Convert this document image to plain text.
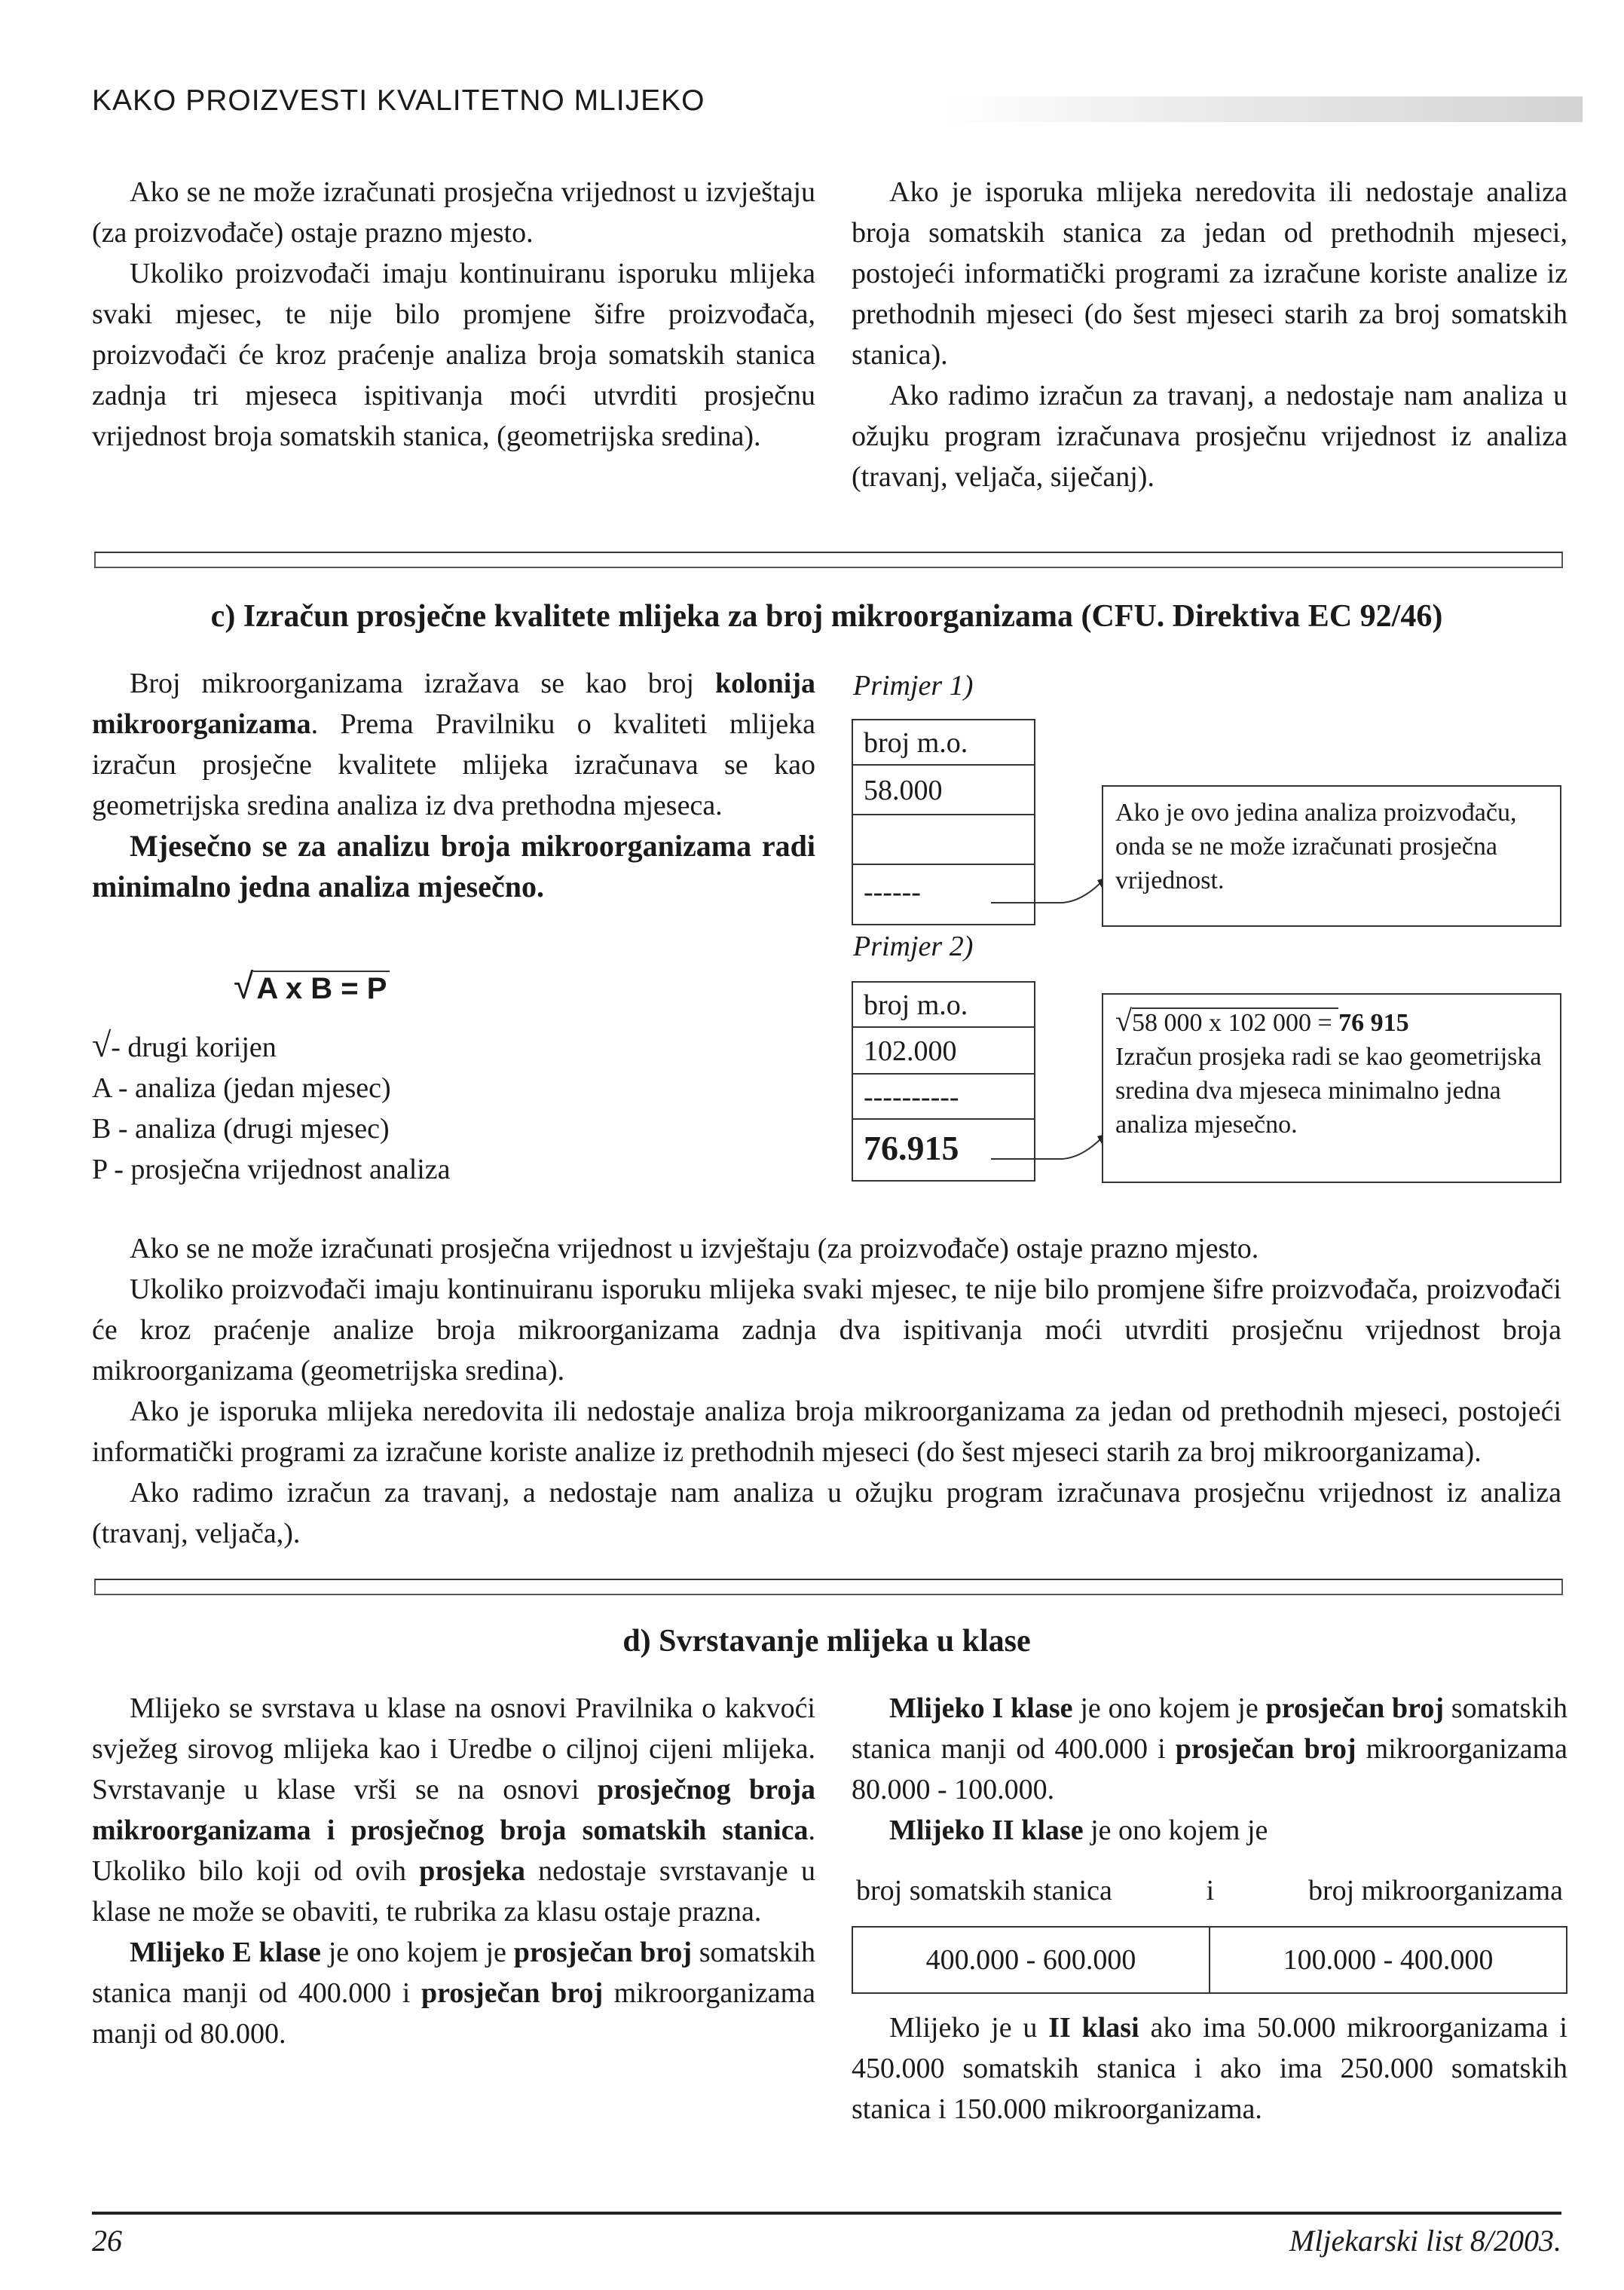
KAKO PROIZVESTI KVALITETNO MLIJEKO

Ako se ne može izračunati prosječna vrijednost u izvještaju (za proizvođače) ostaje prazno mjesto.

Ukoliko proizvođači imaju kontinuiranu isporuku mlijeka svaki mjesec, te nije bilo promjene šifre proizvođača, proizvođači će kroz praćenje analiza broja somatskih stanica zadnja tri mjeseca ispitivanja moći utvrditi prosječnu vrijednost broja somatskih stanica, (geometrijska sredina).

Ako je isporuka mlijeka neredovita ili nedostaje analiza broja somatskih stanica za jedan od prethodnih mjeseci, postojeći informatički programi za izračune koriste analize iz prethodnih mjeseci (do šest mjeseci starih za broj somatskih stanica).

Ako radimo izračun za travanj, a nedostaje nam analiza u ožujku program izračunava prosječnu vrijednost iz analiza (travanj, veljača, siječanj).

c) Izračun prosječne kvalitete mlijeka za broj mikroorganizama (CFU. Direktiva EC 92/46)

Broj mikroorganizama izražava se kao broj kolonija mikroorganizama. Prema Pravilniku o kvaliteti mlijeka izračun prosječne kvalitete mlijeka izračunava se kao geometrijska sredina analiza iz dva prethodna mjeseca.

Mjesečno se za analizu broja mikroorganizama radi minimalno jedna analiza mjesečno.

√ A x B = P

√- drugi korijen

A - analiza (jedan mjesec)

B - analiza (drugi mjesec)

P - prosječna vrijednost analiza

Primjer 1)
broj m.o.
58.000
------
Ako je ovo jedina analiza proizvođaču, onda se ne može izračunati prosječna vrijednost.
Primjer 2)
broj m.o.
102.000
----------
76.915
√58 000 x 102 000 = 76 915
Izračun prosjeka radi se kao geometrijska sredina dva mjeseca minimalno jedna analiza mjesečno.

Ako se ne može izračunati prosječna vrijednost u izvještaju (za proizvođače) ostaje prazno mjesto.

Ukoliko proizvođači imaju kontinuiranu isporuku mlijeka svaki mjesec, te nije bilo promjene šifre proizvođača, proizvođači će kroz praćenje analize broja mikroorganizama zadnja dva ispitivanja moći utvrditi prosječnu vrijednost broja mikroorganizama (geometrijska sredina).

Ako je isporuka mlijeka neredovita ili nedostaje analiza broja mikroorganizama za jedan od prethodnih mjeseci, postojeći informatički programi za izračune koriste analize iz prethodnih mjeseci (do šest mjeseci starih za broj mikroorganizama).

Ako radimo izračun za travanj, a nedostaje nam analiza u ožujku program izračunava prosječnu vrijednost iz analiza (travanj, veljača,).

d) Svrstavanje mlijeka u klase

Mlijeko se svrstava u klase na osnovi Pravilnika o kakvoći svježeg sirovog mlijeka kao i Uredbe o ciljnoj cijeni mlijeka. Svrstavanje u klase vrši se na osnovi prosječnog broja mikroorganizama i prosječnog broja somatskih stanica. Ukoliko bilo koji od ovih prosjeka nedostaje svrstavanje u klase ne može se obaviti, te rubrika za klasu ostaje prazna.

Mlijeko E klase je ono kojem je prosječan broj somatskih stanica manji od 400.000 i prosječan broj mikroorganizama manji od 80.000.

Mlijeko I klase je ono kojem je prosječan broj somatskih stanica manji od 400.000 i prosječan broj mikroorganizama 80.000 - 100.000.

Mlijeko II klase je ono kojem je

broj somatskih stanica	i	broj mikroorganizama
400.000 - 600.000	100.000 - 400.000

Mlijeko je u II klasi ako ima 50.000 mikroorganizama i 450.000 somatskih stanica i ako ima 250.000 somatskih stanica i 150.000 mikroorganizama.

26	Mljekarski list 8/2003.
